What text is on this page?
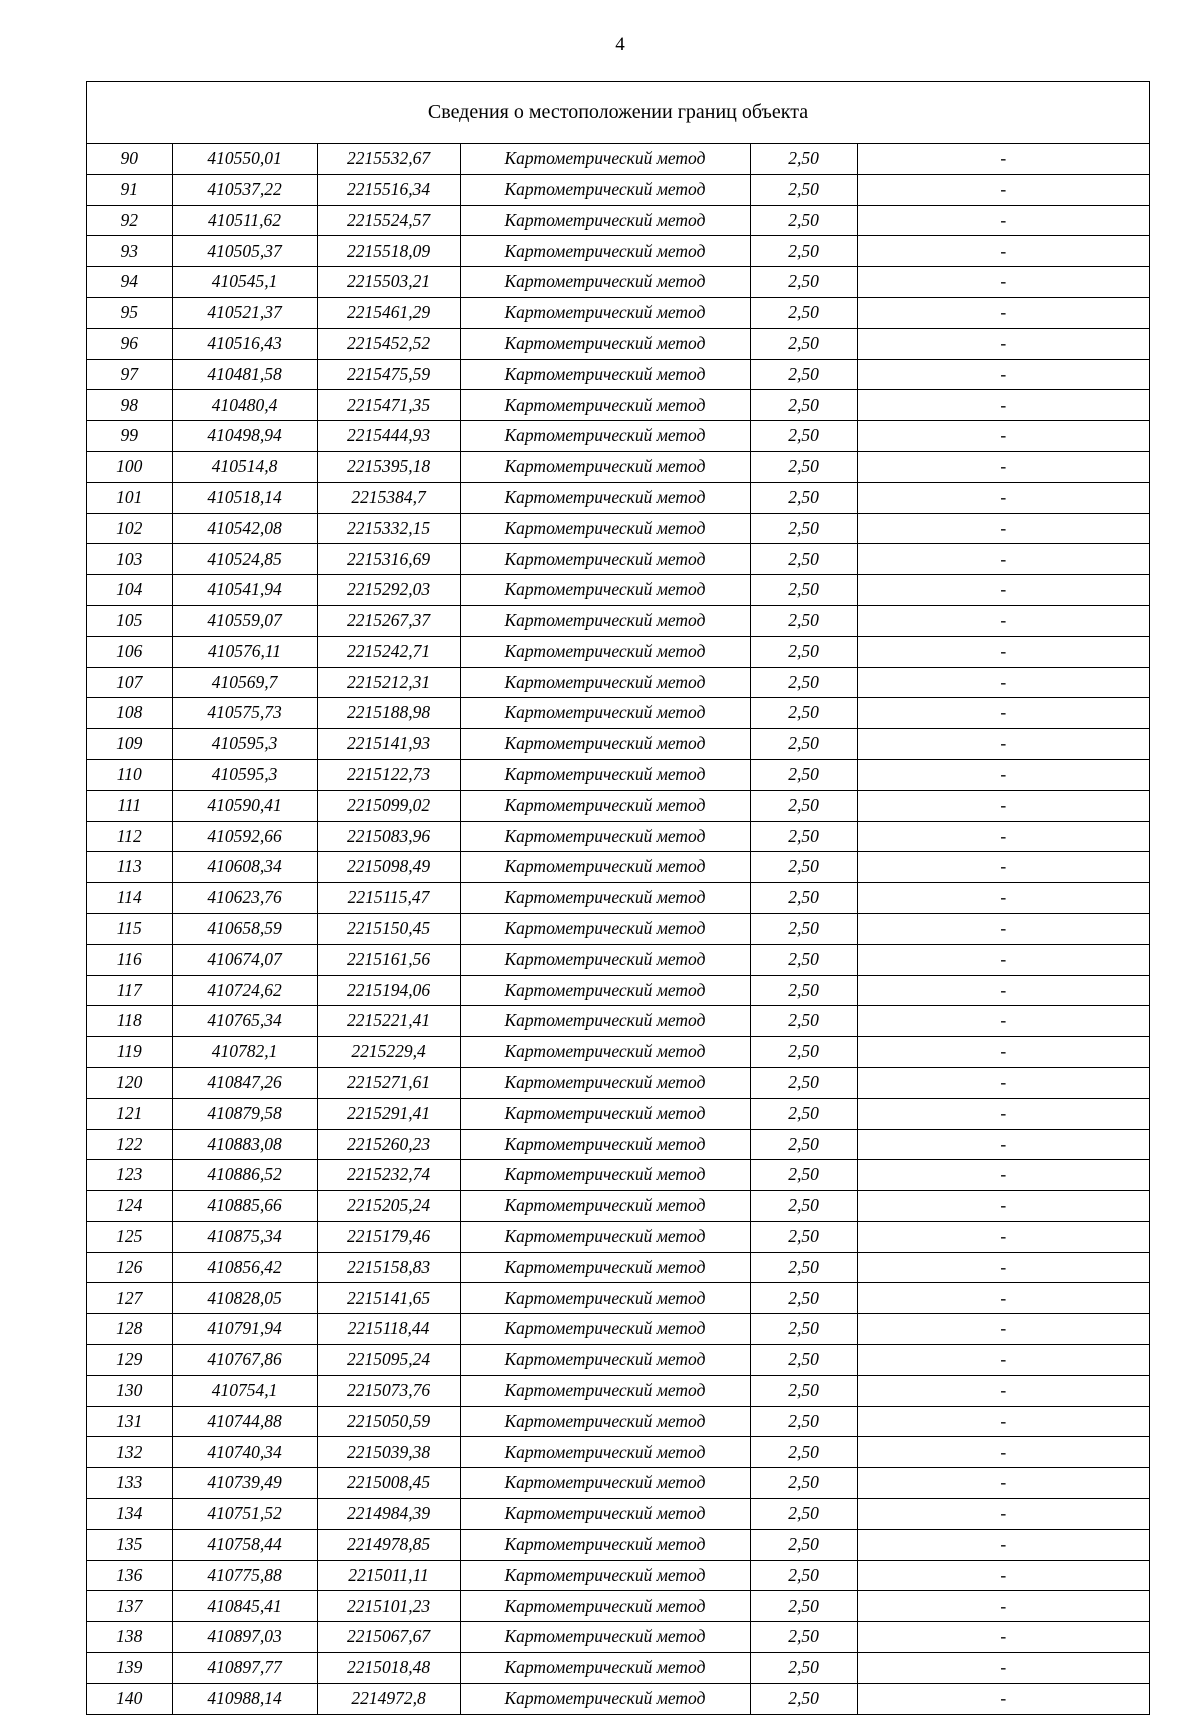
4
Сведения о местоположении границ объекта
90	410550,01	2215532,67	Картометрический метод	2,50	-
91	410537,22	2215516,34	Картометрический метод	2,50	-
92	410511,62	2215524,57	Картометрический метод	2,50	-
93	410505,37	2215518,09	Картометрический метод	2,50	-
94	410545,1	2215503,21	Картометрический метод	2,50	-
95	410521,37	2215461,29	Картометрический метод	2,50	-
96	410516,43	2215452,52	Картометрический метод	2,50	-
97	410481,58	2215475,59	Картометрический метод	2,50	-
98	410480,4	2215471,35	Картометрический метод	2,50	-
99	410498,94	2215444,93	Картометрический метод	2,50	-
100	410514,8	2215395,18	Картометрический метод	2,50	-
101	410518,14	2215384,7	Картометрический метод	2,50	-
102	410542,08	2215332,15	Картометрический метод	2,50	-
103	410524,85	2215316,69	Картометрический метод	2,50	-
104	410541,94	2215292,03	Картометрический метод	2,50	-
105	410559,07	2215267,37	Картометрический метод	2,50	-
106	410576,11	2215242,71	Картометрический метод	2,50	-
107	410569,7	2215212,31	Картометрический метод	2,50	-
108	410575,73	2215188,98	Картометрический метод	2,50	-
109	410595,3	2215141,93	Картометрический метод	2,50	-
110	410595,3	2215122,73	Картометрический метод	2,50	-
111	410590,41	2215099,02	Картометрический метод	2,50	-
112	410592,66	2215083,96	Картометрический метод	2,50	-
113	410608,34	2215098,49	Картометрический метод	2,50	-
114	410623,76	2215115,47	Картометрический метод	2,50	-
115	410658,59	2215150,45	Картометрический метод	2,50	-
116	410674,07	2215161,56	Картометрический метод	2,50	-
117	410724,62	2215194,06	Картометрический метод	2,50	-
118	410765,34	2215221,41	Картометрический метод	2,50	-
119	410782,1	2215229,4	Картометрический метод	2,50	-
120	410847,26	2215271,61	Картометрический метод	2,50	-
121	410879,58	2215291,41	Картометрический метод	2,50	-
122	410883,08	2215260,23	Картометрический метод	2,50	-
123	410886,52	2215232,74	Картометрический метод	2,50	-
124	410885,66	2215205,24	Картометрический метод	2,50	-
125	410875,34	2215179,46	Картометрический метод	2,50	-
126	410856,42	2215158,83	Картометрический метод	2,50	-
127	410828,05	2215141,65	Картометрический метод	2,50	-
128	410791,94	2215118,44	Картометрический метод	2,50	-
129	410767,86	2215095,24	Картометрический метод	2,50	-
130	410754,1	2215073,76	Картометрический метод	2,50	-
131	410744,88	2215050,59	Картометрический метод	2,50	-
132	410740,34	2215039,38	Картометрический метод	2,50	-
133	410739,49	2215008,45	Картометрический метод	2,50	-
134	410751,52	2214984,39	Картометрический метод	2,50	-
135	410758,44	2214978,85	Картометрический метод	2,50	-
136	410775,88	2215011,11	Картометрический метод	2,50	-
137	410845,41	2215101,23	Картометрический метод	2,50	-
138	410897,03	2215067,67	Картометрический метод	2,50	-
139	410897,77	2215018,48	Картометрический метод	2,50	-
140	410988,14	2214972,8	Картометрический метод	2,50	-
